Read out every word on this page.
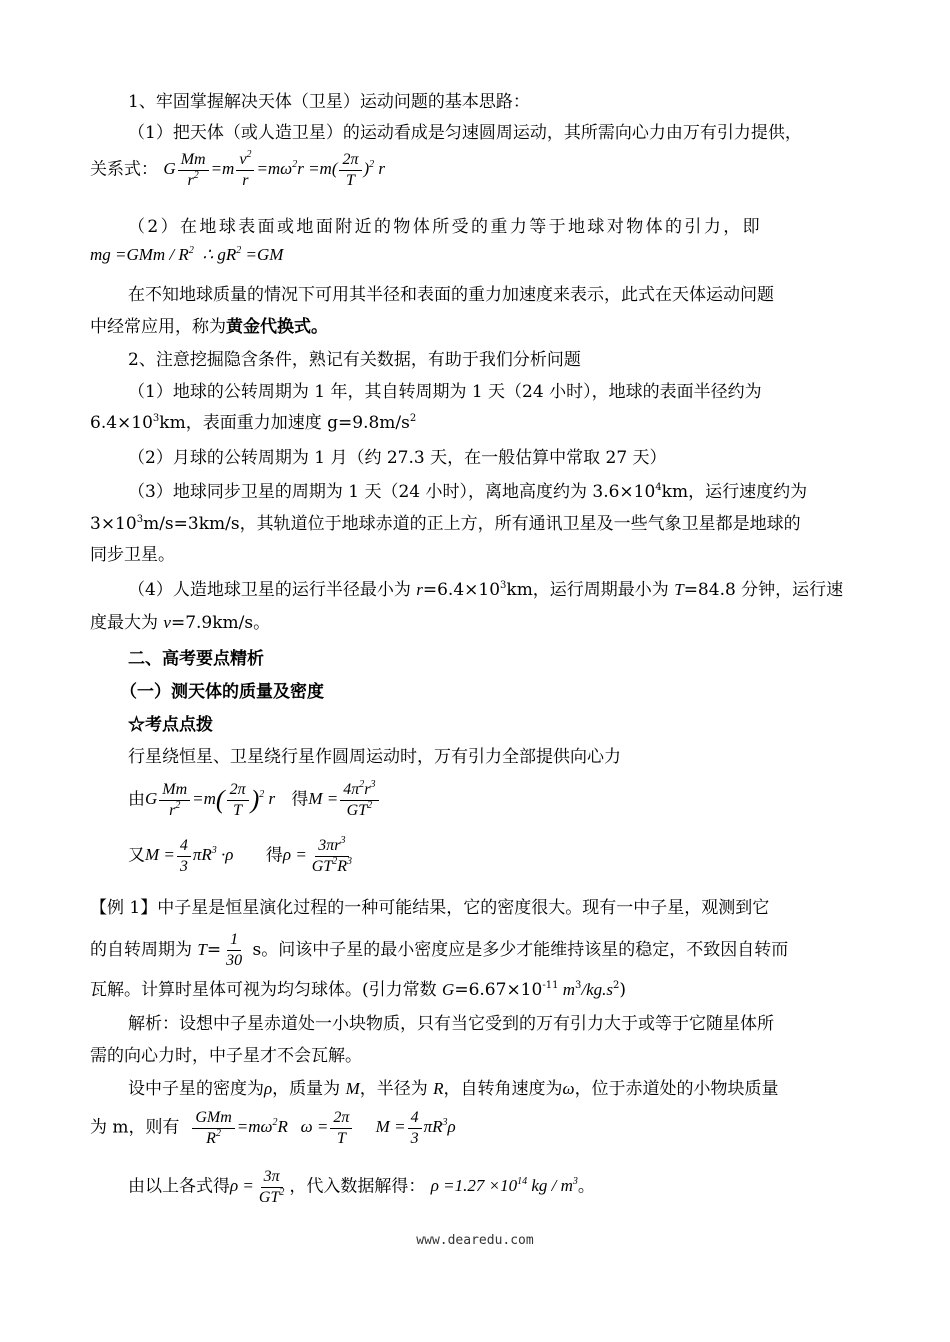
1、牢固掌握解决天体（卫星）运动问题的基本思路：
（1）把天体（或人造卫星）的运动看成是匀速圆周运动，其所需向心力由万有引力提供，
关系式： G $\frac{Mm}{r^2} =m \frac{v^2}{r} =m\omega^2r =m( \frac{2\pi}{T} )^2$ r
（2）在地球表面或地面附近的物体所受的重力等于地球对物体的引力，即
mg $=GMm / R^2$ ∴ $gR^2 =GM$
在不知地球质量的情况下可用其半径和表面的重力加速度来表示，此式在天体运动问题
中经常应用，称为黄金代换式。
2、注意挖掘隐含条件，熟记有关数据，有助于我们分析问题
（1）地球的公转周期为 1 年，其自转周期为 1 天（24 小时），地球的表面半径约为
$6.4\times 10^3km$，表面重力加速度 $g=9.8m/s^2$
（2）月球的公转周期为 1 月（约 27.3 天，在一般估算中常取 27 天）
（3）地球同步卫星的周期为 1 天（24 小时），离地高度约为 $3.6\times 10^4km$，运行速度约为
$3\times 10^3m/s=3km/s$，其轨道位于地球赤道的正上方，所有通讯卫星及一些气象卫星都是地球的
同步卫星。
（4）人造地球卫星的运行半径最小为 $r=6.4\times 10^3km$，运行周期最小为 T=84.8 分钟，运行速
度最大为 v=7.9km/s。
二、高考要点精析
（一）测天体的质量及密度
☆考点点拨
行星绕恒星、卫星绕行星作圆周运动时，万有引力全部提供向心力
由G $\frac{Mm}{r^2} =m( \frac{2\pi}{T} )^2$ r 得$M = \frac{4\pi^2r^3}{GT^2}$
又$M = \frac{4}{3} \pi R^3 \cdot\rho$ 得$\rho = \frac{3\pi r^3}{GT^2R^3}$
【例 1】中子星是恒星演化过程的一种可能结果，它的密度很大。现有一中子星，观测到它
的自转周期为 $T= \frac{1}{30}$ s。问该中子星的最小密度应是多少才能维持该星的稳定，不致因自转而
瓦解。计算时星体可视为均匀球体。(引力常数 $G=6.67\times 10^{-11}$ $m^3/kg.s^2$)
解析：设想中子星赤道处一小块物质，只有当它受到的万有引力大于或等于它随星体所
需的向心力时，中子星才不会瓦解。
设中子星的密度为ρ，质量为 M，半径为 R，自转角速度为ω，位于赤道处的小物块质量
为 m，则有 $\frac{\text{GMm}}{R^2} =m\omega^2R$   $\omega = \frac{2\pi}{T}$ $M = \frac{4}{3} \pi R^3\rho$
由以上各式得$\rho = \frac{3\pi}{GT^2}$ ，代入数据解得： $\rho =1.27 \times 10^{14}$ kg / $m^3$。
www.dearedu.com
